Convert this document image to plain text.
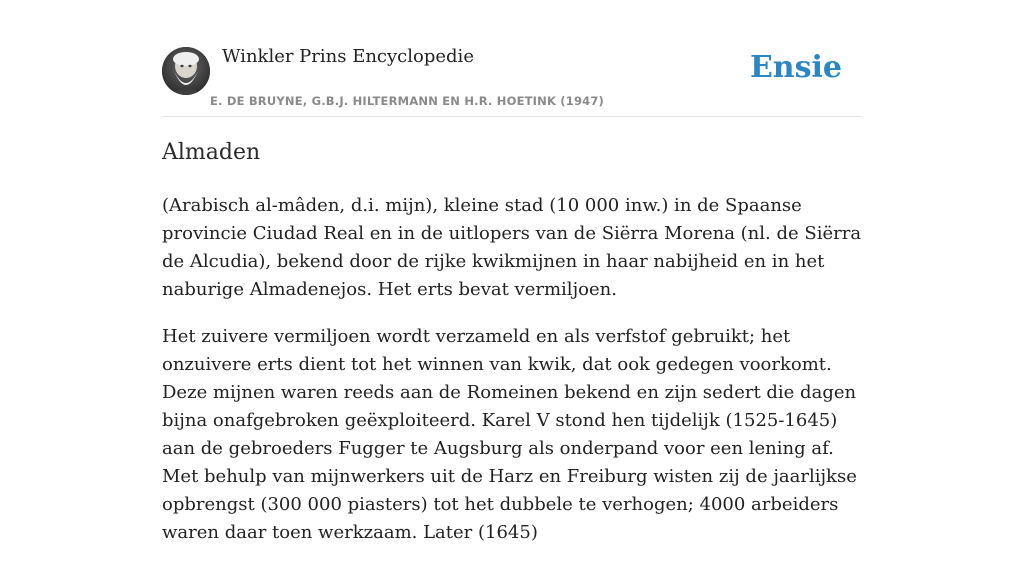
Winkler Prins Encyclopedie
E. DE BRUYNE, G.B.J. HILTERMANN EN H.R. HOETINK (1947)
Ensie
Almaden

(Arabisch al-mâden, d.i. mijn), kleine stad (10 000 inw.) in de Spaanse provincie Ciudad Real en in de uitlopers van de Siërra Morena (nl. de Siërra de Alcudia), bekend door de rijke kwikmijnen in haar nabijheid en in het naburige Almadenejos. Het erts bevat vermiljoen.

Het zuivere vermiljoen wordt verzameld en als verfstof gebruikt; het onzuivere erts dient tot het winnen van kwik, dat ook gedegen voorkomt. Deze mijnen waren reeds aan de Romeinen bekend en zijn sedert die dagen bijna onafgebroken geëxploiteerd. Karel V stond hen tijdelijk (1525-1645) aan de gebroeders Fugger te Augsburg als onderpand voor een lening af. Met behulp van mijnwerkers uit de Harz en Freiburg wisten zij de jaarlijkse opbrengst (300 000 piasters) tot het dubbele te verhogen; 4000 arbeiders waren daar toen werkzaam. Later (1645)
